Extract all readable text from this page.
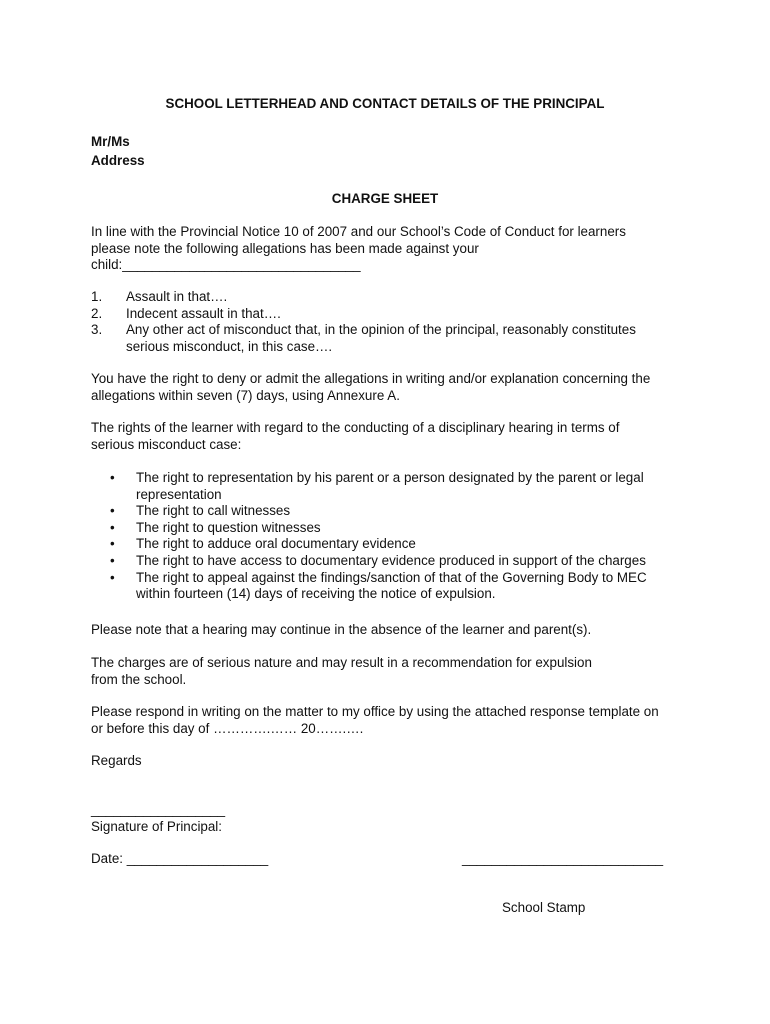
SCHOOL LETTERHEAD AND CONTACT DETAILS OF THE PRINCIPAL
Mr/Ms
Address
CHARGE SHEET
In line with the Provincial Notice 10 of 2007 and our School’s Code of Conduct for learners
please note the following allegations has been made against your
child:________________________________
1. Assault in that….
2. Indecent assault in that….
3. Any other act of misconduct that, in the opinion of the principal, reasonably constitutes
serious misconduct, in this case….
You have the right to deny or admit the allegations in writing and/or explanation concerning the
allegations within seven (7) days, using Annexure A.
The rights of the learner with regard to the conducting of a disciplinary hearing in terms of
serious misconduct case:
• The right to representation by his parent or a person designated by the parent or legal
representation
• The right to call witnesses
• The right to question witnesses
• The right to adduce oral documentary evidence
• The right to have access to documentary evidence produced in support of the charges
• The right to appeal against the findings/sanction of that of the Governing Body to MEC
within fourteen (14) days of receiving the notice of expulsion.
Please note that a hearing may continue in the absence of the learner and parent(s).
The charges are of serious nature and may result in a recommendation for expulsion
from the school.
Please respond in writing on the matter to my office by using the attached response template on
or before this day of ………….…… 20…….….
Regards
__________________
Signature of Principal:
Date: ___________________	___________________________
School Stamp
